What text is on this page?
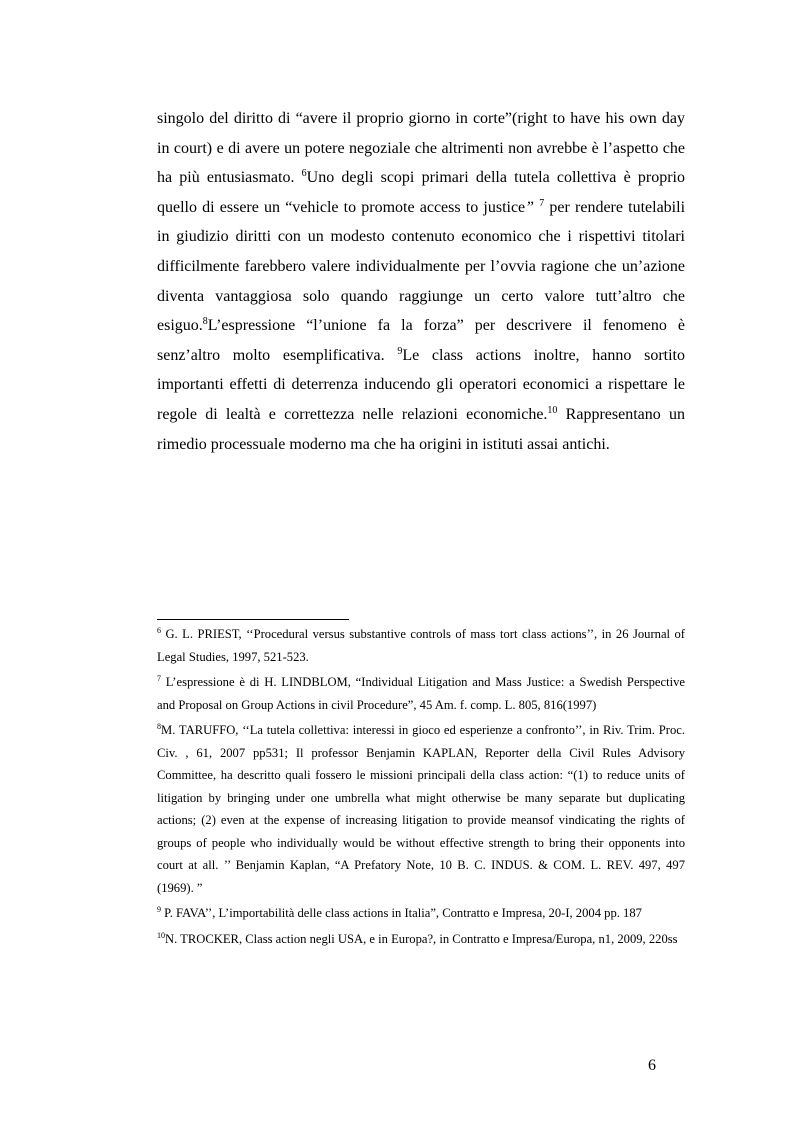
singolo del diritto di “avere il proprio giorno in corte”(right to have his own day in court) e di avere un potere negoziale che altrimenti non avrebbe è l’aspetto che ha più entusiasmato. $^6$Uno degli scopi primari della tutela collettiva è proprio quello di essere un “vehicle to promote access to justice” $^7$ per rendere tutelabili in giudizio diritti con un modesto contenuto economico che i rispettivi titolari difficilmente farebbero valere individualmente per l’ovvia ragione che un’azione diventa vantaggiosa solo quando raggiunge un certo valore tutt’altro che esiguo.$^8$L’espressione “l’unione fa la forza” per descrivere il fenomeno è senz’altro molto esemplificativa. $^9$Le class actions inoltre, hanno sortito importanti effetti di deterrenza inducendo gli operatori economici a rispettare le regole di lealtà e correttezza nelle relazioni economiche.$^{10}$ Rappresentano un rimedio processuale moderno ma che ha origini in istituti assai antichi.

$^6$ G. L. PRIEST, ‘‘Procedural versus substantive controls of mass tort class actions’’, in 26 Journal of Legal Studies, 1997, 521-523.

$^7$ L’espressione è di H. LINDBLOM, “Individual Litigation and Mass Justice: a Swedish Perspective and Proposal on Group Actions in civil Procedure”, 45 Am. f. comp. L. 805, 816(1997)

$^8$M. TARUFFO, ‘‘La tutela collettiva: interessi in gioco ed esperienze a confronto’’, in Riv. Trim. Proc. Civ. , 61, 2007 pp531; Il professor Benjamin KAPLAN, Reporter della Civil Rules Advisory Committee, ha descritto quali fossero le missioni principali della class action: “(1) to reduce units of litigation by bringing under one umbrella what might otherwise be many separate but duplicating actions; (2) even at the expense of increasing litigation to provide meansof vindicating the rights of groups of people who individually would be without effective strength to bring their opponents into court at all. ’’ Benjamin Kaplan, “A Prefatory Note, 10 B. C. INDUS. & COM. L. REV. 497, 497 (1969). ”

$^9$ P. FAVA’’, L’importabilità delle class actions in Italia”, Contratto e Impresa, 20-I, 2004 pp. 187

$^{10}$N. TROCKER, Class action negli USA, e in Europa?, in Contratto e Impresa/Europa, n1, 2009, 220ss

6
